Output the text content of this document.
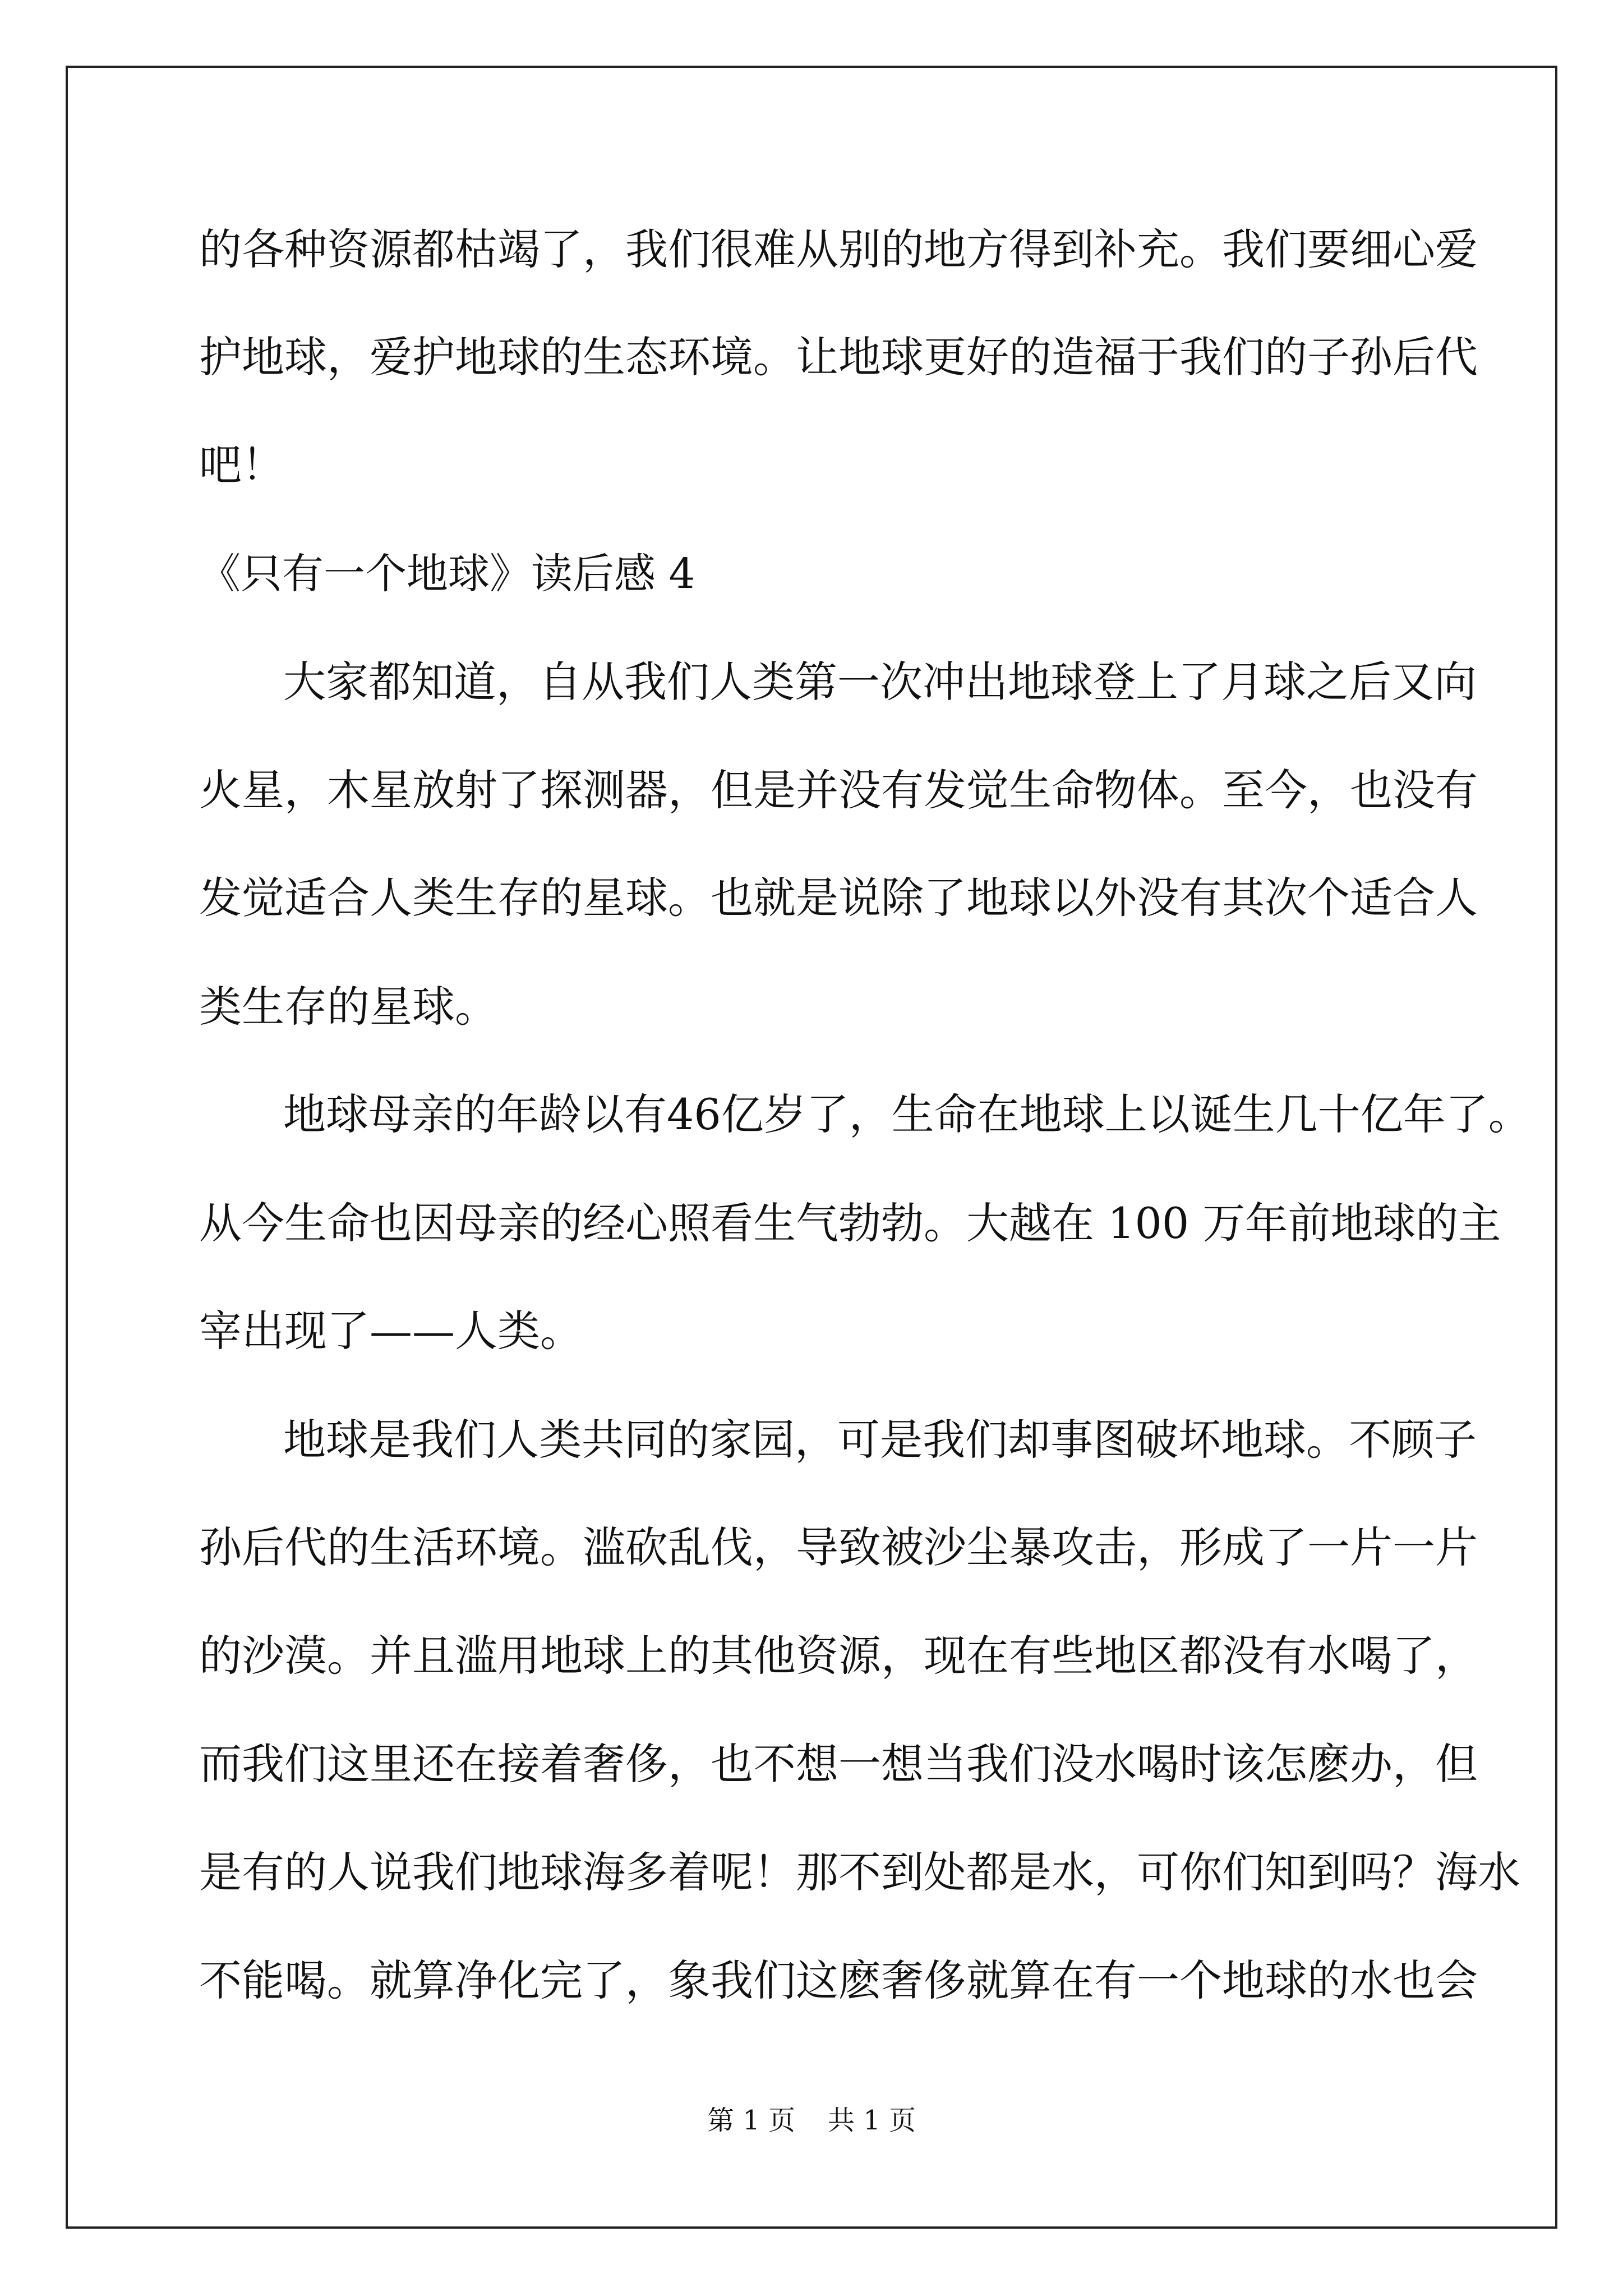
的各种资源都枯竭了，我们很难从别的地方得到补充。我们要细心爱
护地球，爱护地球的生态环境。让地球更好的造福于我们的子孙后代
吧！
《只有一个地球》读后感 4
大家都知道，自从我们人类第一次冲出地球登上了月球之后又向
火星，木星放射了探测器，但是并没有发觉生命物体。至今，也没有
发觉适合人类生存的星球。也就是说除了地球以外没有其次个适合人
类生存的星球。
地球母亲的年龄以有46亿岁了，生命在地球上以诞生几十亿年了。
从今生命也因母亲的经心照看生气勃勃。大越在 100 万年前地球的主
宰出现了——人类。
地球是我们人类共同的家园，可是我们却事图破坏地球。不顾子
孙后代的生活环境。滥砍乱伐，导致被沙尘暴攻击，形成了一片一片
的沙漠。并且滥用地球上的其他资源，现在有些地区都没有水喝了，
而我们这里还在接着奢侈，也不想一想当我们没水喝时该怎麽办，但
是有的人说我们地球海多着呢！那不到处都是水，可你们知到吗？海水
不能喝。就算净化完了，象我们这麽奢侈就算在有一个地球的水也会
第 1 页 共 1 页
